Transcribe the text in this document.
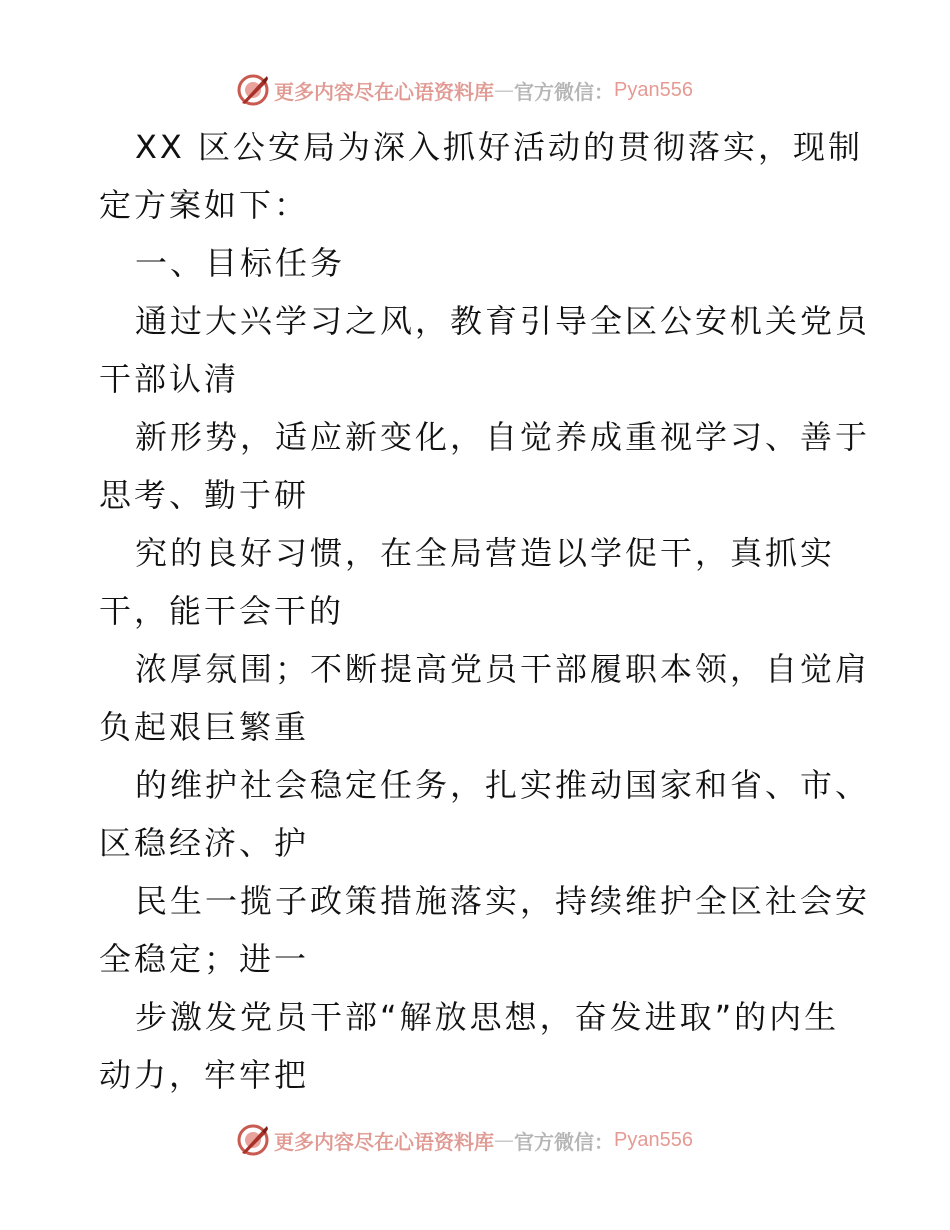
更多内容尽在心语资料库 — 官方微信： Pyan556
XX 区公安局为深入抓好活动的贯彻落实，现制
定方案如下：
一、目标任务
通过大兴学习之风，教育引导全区公安机关党员
干部认清
新形势，适应新变化，自觉养成重视学习、善于
思考、勤于研
究的良好习惯，在全局营造以学促干，真抓实
干，能干会干的
浓厚氛围；不断提高党员干部履职本领，自觉肩
负起艰巨繁重
的维护社会稳定任务，扎实推动国家和省、市、
区稳经济、护
民生一揽子政策措施落实，持续维护全区社会安
全稳定；进一
步激发党员干部“解放思想，奋发进取”的内生
动力，牢牢把
更多内容尽在心语资料库 — 官方微信： Pyan556
